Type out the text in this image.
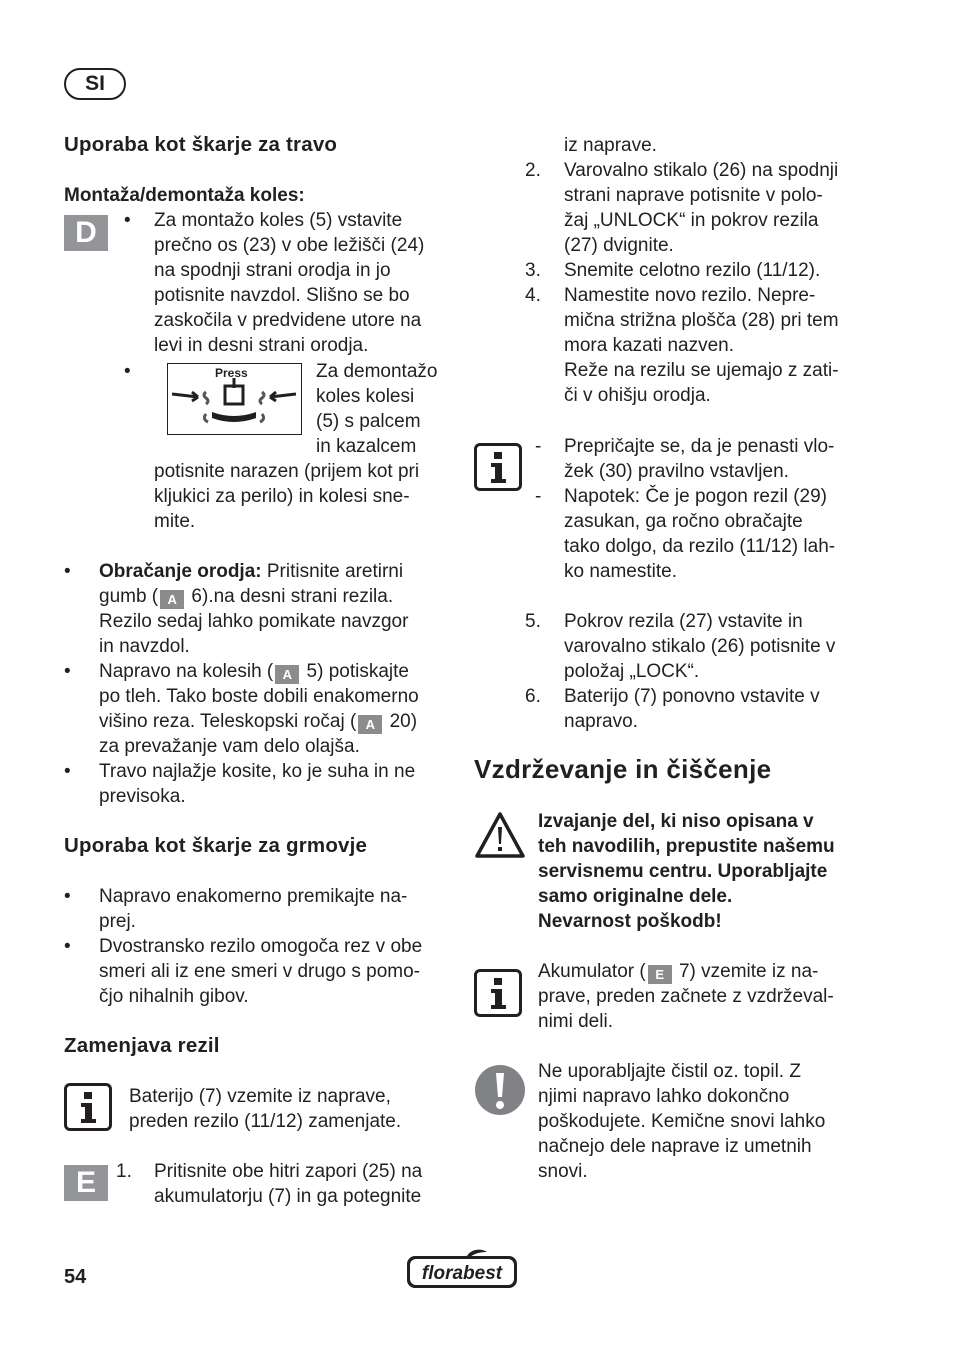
SI
Uporaba kot škarje za travo
Montaža/demontaža koles:
D	• Za montažo koles (5) vstavite
prečno os (23) v obe ležišči (24)
na spodnji strani orodja in jo
potisnite navzdol. Slišno se bo
zaskočila v predvidene utore na
levi in desni strani orodja.
•	Press	Za demontažo
koles kolesi
(5) s palcem
in kazalcem
potisnite narazen (prijem kot pri
kljukici za perilo) in kolesi sne-
mite.
• Obračanje orodja: Pritisnite aretirni
gumb ( A 6).na desni strani rezila.
Rezilo sedaj lahko pomikate navzgor
in navzdol.
• Napravo na kolesih ( A 5) potiskajte
po tleh. Tako boste dobili enakomerno
višino reza. Teleskopski ročaj ( A 20)
za prevažanje vam delo olajša.
• Travo najlažje kosite, ko je suha in ne
previsoka.
Uporaba kot škarje za grmovje
• Napravo enakomerno premikajte na-
prej.
• Dvostransko rezilo omogoča rez v obe
smeri ali iz ene smeri v drugo s pomo-
čjo nihalnih gibov.
Zamenjava rezil
Baterijo (7) vzemite iz naprave,
preden rezilo (11/12) zamenjate.
E	1. Pritisnite obe hitri zapori (25) na
akumulatorju (7) in ga potegnite
iz naprave.
2. Varovalno stikalo (26) na spodnji
strani naprave potisnite v polo-
žaj „UNLOCK“ in pokrov rezila
(27) dvignite.
3. Snemite celotno rezilo (11/12).
4. Namestite novo rezilo. Nepre-
mična strižna plošča (28) pri tem
mora kazati nazven.
Reže na rezilu se ujemajo z zati-
či v ohišju orodja.
- Prepričajte se, da je penasti vlo-
žek (30) pravilno vstavljen.
- Napotek: Če je pogon rezil (29)
zasukan, ga ročno obračajte
tako dolgo, da rezilo (11/12) lah-
ko namestite.
5. Pokrov rezila (27) vstavite in
varovalno stikalo (26) potisnite v
položaj „LOCK“.
6. Baterijo (7) ponovno vstavite v
napravo.
Vzdrževanje in čiščenje
Izvajanje del, ki niso opisana v
teh navodilih, prepustite našemu
servisnemu centru. Uporabljajte
samo originalne dele.
Nevarnost poškodb!
Akumulator ( E 7) vzemite iz na-
prave, preden začnete z vzdrževal-
nimi deli.
Ne uporabljajte čistil oz. topil. Z
njimi napravo lahko dokončno
poškodujete. Kemične snovi lahko
načnejo dele naprave iz umetnih
snovi.
54	florabest
